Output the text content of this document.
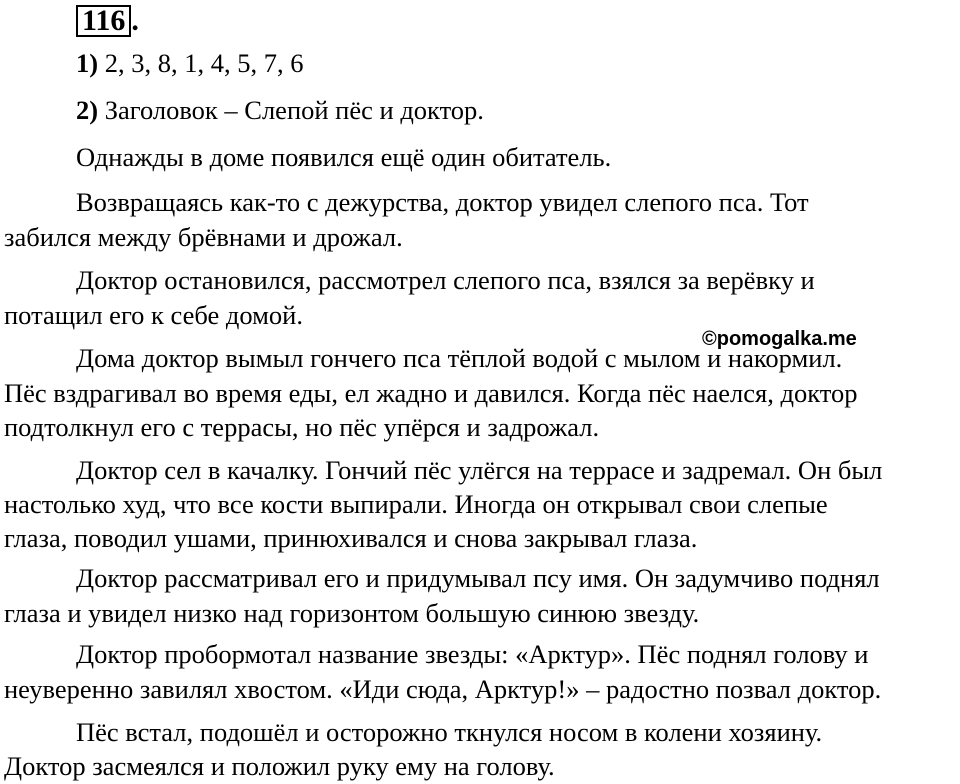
116 .
1) 2, 3, 8, 1, 4, 5, 7, 6
2) Заголовок – Слепой пёс и доктор.
Однажды в доме появился ещё один обитатель.
Возвращаясь как-то с дежурства, доктор увидел слепого пса. Тот
забился между брёвнами и дрожал.
Доктор остановился, рассмотрел слепого пса, взялся за верёвку и
потащил его к себе домой.
©pomogalka.me
Дома доктор вымыл гончего пса тёплой водой с мылом и накормил.
Пёс вздрагивал во время еды, ел жадно и давился. Когда пёс наелся, доктор
подтолкнул его с террасы, но пёс упёрся и задрожал.
Доктор сел в качалку. Гончий пёс улёгся на террасе и задремал. Он был
настолько худ, что все кости выпирали. Иногда он открывал свои слепые
глаза, поводил ушами, принюхивался и снова закрывал глаза.
Доктор рассматривал его и придумывал псу имя. Он задумчиво поднял
глаза и увидел низко над горизонтом большую синюю звезду.
Доктор пробормотал название звезды: «Арктур». Пёс поднял голову и
неуверенно завилял хвостом. «Иди сюда, Арктур!» – радостно позвал доктор.
Пёс встал, подошёл и осторожно ткнулся носом в колени хозяину.
Доктор засмеялся и положил руку ему на голову.
